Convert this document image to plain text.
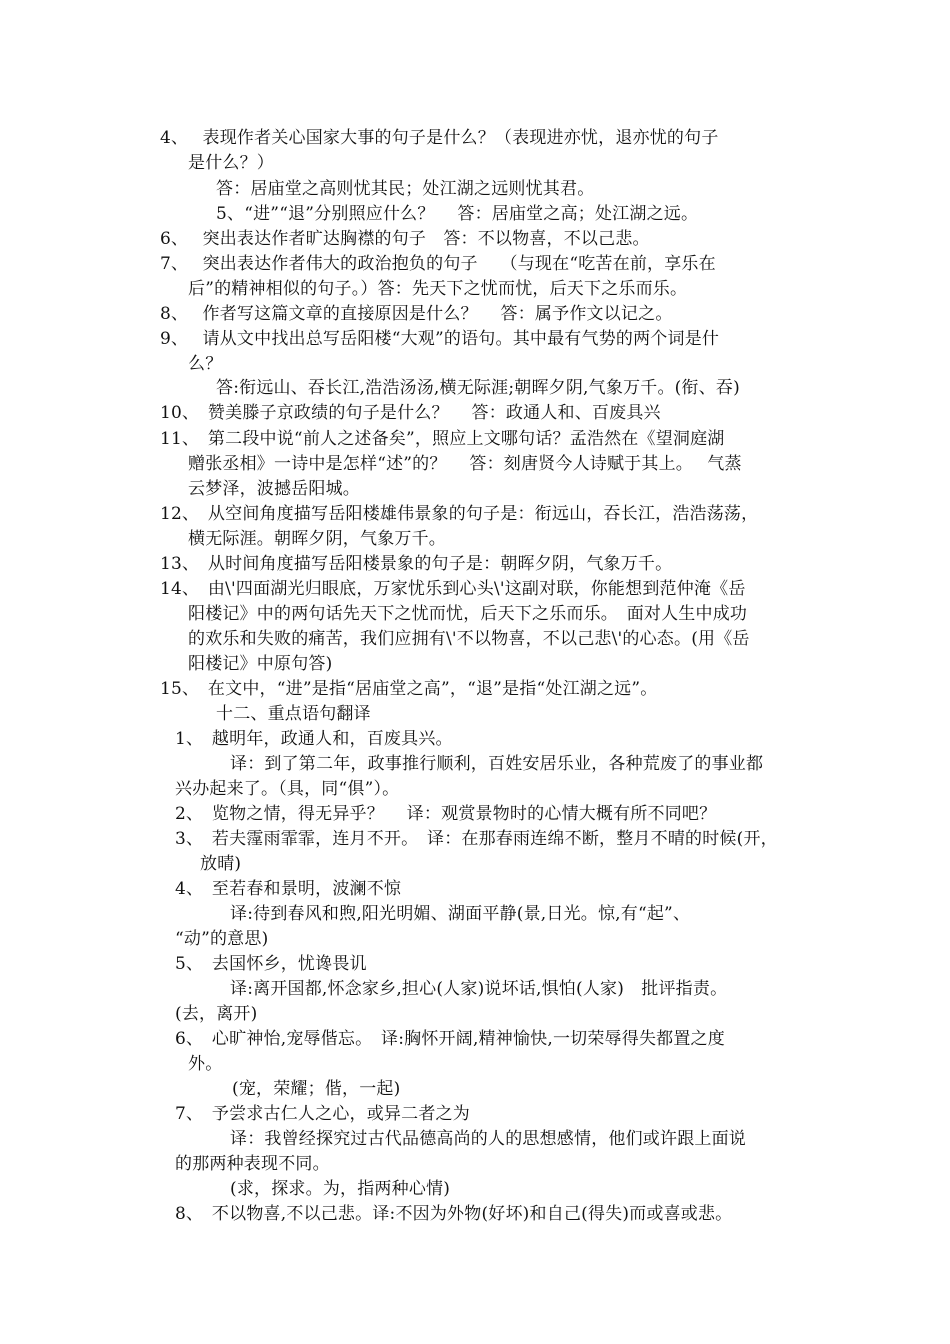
4、　 表现作者关心国家大事的句子是什么？（表现进亦忧，退亦忧的句子
是什么？）
答：居庙堂之高则忧其民；处江湖之远则忧其君。
5、“进”“退”分别照应什么？　 答：居庙堂之高；处江湖之远。
6、　 突出表达作者旷达胸襟的句子　答：不以物喜，不以己悲。
7、　 突出表达作者伟大的政治抱负的句子　 （与现在“吃苦在前，享乐在
后”的精神相似的句子。）答：先天下之忧而忧，后天下之乐而乐。
8、　 作者写这篇文章的直接原因是什么？　 答：属予作文以记之。
9、　 请从文中找出总写岳阳楼“大观”的语句。其中最有气势的两个词是什
么？
答:衔远山、吞长江,浩浩汤汤,横无际涯;朝晖夕阴,气象万千。(衔、吞)
10、　赞美滕子京政绩的句子是什么？　 答：政通人和、百废具兴
11、　第二段中说“前人之述备矣”，照应上文哪句话？孟浩然在《望洞庭湖
赠张丞相》一诗中是怎样“述”的？　 答：刻唐贤今人诗赋于其上。　 气蒸
云梦泽，波撼岳阳城。
12、　从空间角度描写岳阳楼雄伟景象的句子是：衔远山，吞长江，浩浩荡荡，
横无际涯。朝晖夕阴，气象万千。
13、　从时间角度描写岳阳楼景象的句子是：朝晖夕阴，气象万千。
14、　由\'四面湖光归眼底，万家忧乐到心头\'这副对联，你能想到范仲淹《岳
阳楼记》中的两句话先天下之忧而忧，后天下之乐而乐。　面对人生中成功
的欢乐和失败的痛苦，我们应拥有\'不以物喜，不以己悲\'的心态。(用《岳
阳楼记》中原句答)
15、　在文中，“进”是指“居庙堂之高”，“退”是指“处江湖之远”。
十二、重点语句翻译
1、　越明年，政通人和，百废具兴。
译：到了第二年，政事推行顺利，百姓安居乐业，各种荒废了的事业都
兴办起来了。（具，同“俱”）。
2、　览物之情，得无异乎？　 译：观赏景物时的心情大概有所不同吧？
3、　若夫霪雨霏霏，连月不开。　译：在那春雨连绵不断，整月不晴的时候(开，
放晴)
4、　至若春和景明，波澜不惊
译:待到春风和煦,阳光明媚、湖面平静(景,日光。惊,有“起”、
“动”的意思)
5、　去国怀乡，忧谗畏讥
译:离开国都,怀念家乡,担心(人家)说坏话,惧怕(人家)　批评指责。
(去，离开)
6、　心旷神怡,宠辱偕忘。　译:胸怀开阔,精神愉快,一切荣辱得失都置之度
外。
(宠，荣耀；偕，一起)
7、　予尝求古仁人之心，或异二者之为
译：我曾经探究过古代品德高尚的人的思想感情，他们或许跟上面说
的那两种表现不同。
(求，探求。为，指两种心情)
8、　不以物喜,不以己悲。译:不因为外物(好坏)和自己(得失)而或喜或悲。
